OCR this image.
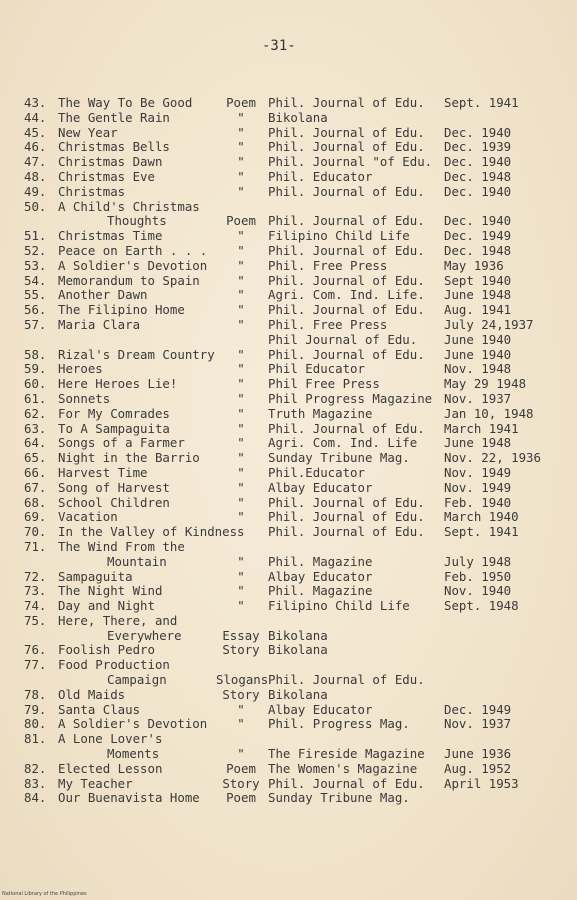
-31-
43. The Way To Be Good	Poem Phil. Journal of Edu. Sept. 1941
44. The Gentle Rain	"	Bikolana
45. New Year	"	Phil. Journal of Edu. Dec. 1940
46. Christmas Bells	"	Phil. Journal of Edu. Dec. 1939
47. Christmas Dawn	"	Phil. Journal "of Edu. Dec. 1940
48. Christmas Eve	"	Phil. Educator	Dec. 1948
49. Christmas	"	Phil. Journal of Edu. Dec. 1940
50. A Child's Christmas
Thoughts	Poem Phil. Journal of Edu. Dec. 1940
51. Christmas Time	"	Filipino Child Life	Dec. 1949
52. Peace on Earth . . .	"	Phil. Journal of Edu. Dec. 1948
53. A Soldier's Devotion	"	Phil. Free Press	May 1936
54. Memorandum to Spain	"	Phil. Journal of Edu. Sept 1940
55. Another Dawn	"	Agri. Com. Ind. Life. June 1948
56. The Filipino Home	"	Phil. Journal of Edu. Aug. 1941
57. Maria Clara	"	Phil. Free Press	July 24,1937
Phil Journal of Edu. June 1940
58. Rizal's Dream Country	"	Phil. Journal of Edu. June 1940
59. Heroes	"	Phil Educator	Nov. 1948
60. Here Heroes Lie!	"	Phil Free Press	May 29 1948
61. Sonnets	"	Phil Progress Magazine Nov. 1937
62. For My Comrades	"	Truth Magazine	Jan 10, 1948
63. To A Sampaguita	"	Phil. Journal of Edu. March 1941
64. Songs of a Farmer	"	Agri. Com. Ind. Life June 1948
65. Night in the Barrio	"	Sunday Tribune Mag.	Nov. 22, 1936
66. Harvest Time	"	Phil.Educator	Nov. 1949
67. Song of Harvest	"	Albay Educator	Nov. 1949
68. School Children	"	Phil. Journal of Edu. Feb. 1940
69. Vacation	"	Phil. Journal of Edu. March 1940
70. In the Valley of Kindness Phil. Journal of Edu. Sept. 1941
71. The Wind From the
Mountain	"	Phil. Magazine	July 1948
72. Sampaguita	"	Albay Educator	Feb. 1950
73. The Night Wind	"	Phil. Magazine	Nov. 1940
74. Day and Night	"	Filipino Child Life	Sept. 1948
75. Here, There, and
Everywhere	Essay Bikolana
76. Foolish Pedro	Story Bikolana
77. Food Production
Campaign	Slogans Phil. Journal of Edu.
78. Old Maids	Story Bikolana
79. Santa Claus	"	Albay Educator	Dec. 1949
80. A Soldier's Devotion	"	Phil. Progress Mag.	Nov. 1937
81. A Lone Lover's
Moments	"	The Fireside Magazine June 1936
82. Elected Lesson	Poem The Women's Magazine Aug. 1952
83. My Teacher	Story Phil. Journal of Edu. April 1953
84. Our Buenavista Home	Poem Sunday Tribune Mag.
National Library of the Philippines
